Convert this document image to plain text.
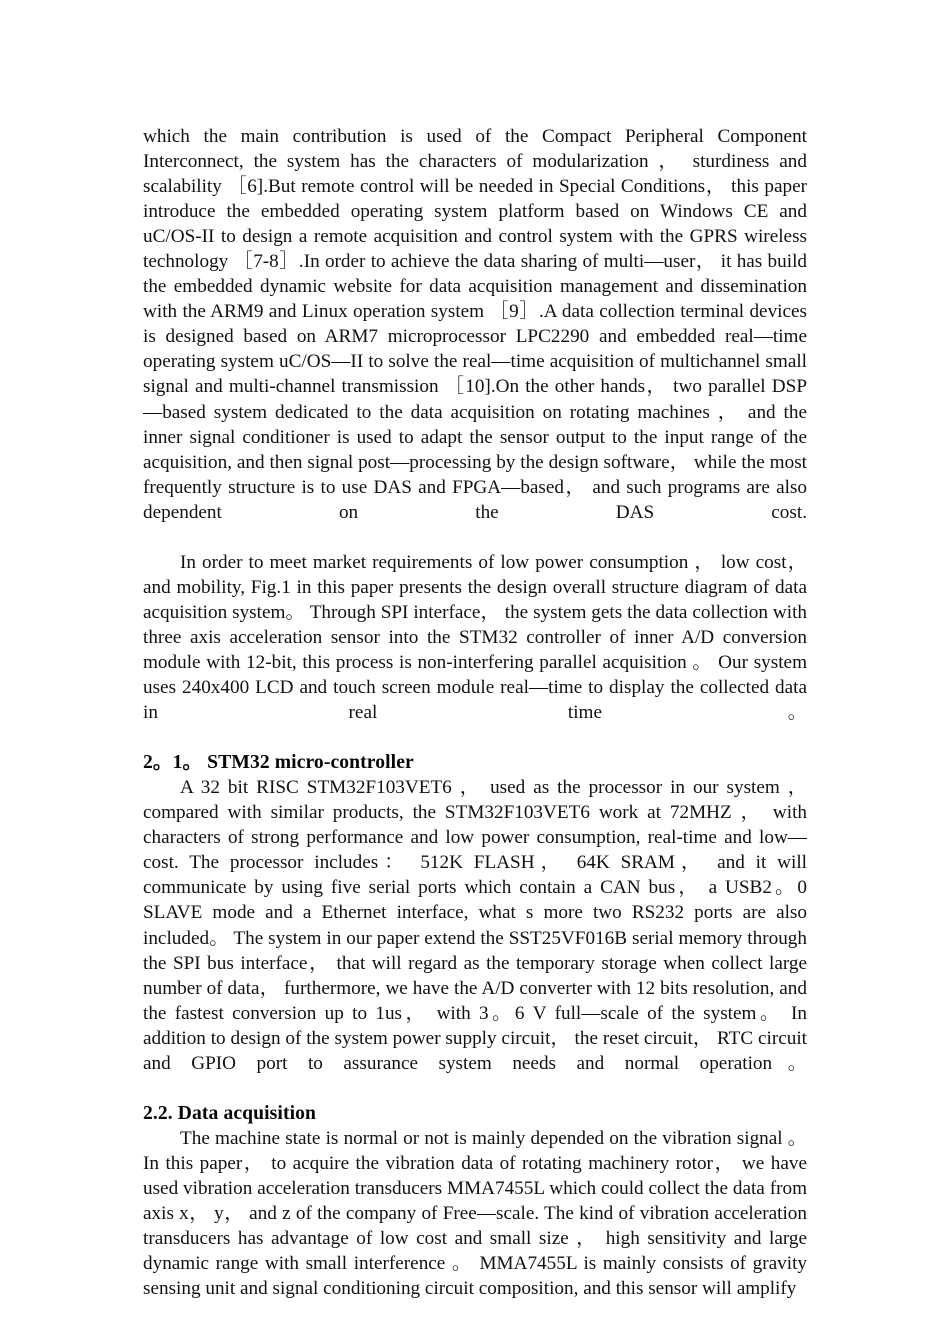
which the main contribution is used of the Compact Peripheral Component Interconnect, the system has the characters of modularization ， sturdiness and scalability ［6].But remote control will be needed in Special Conditions， this paper introduce the embedded operating system platform based on Windows CE and uC/OS-II to design a remote acquisition and control system with the GPRS wireless technology ［7-8］.In order to achieve the data sharing of multi—user， it has build the embedded dynamic website for data acquisition management and dissemination with the ARM9 and Linux operation system ［9］.A data collection terminal devices is designed based on ARM7 microprocessor LPC2290 and embedded real—time operating system uC/OS—II to solve the real—time acquisition of multichannel small signal and multi-channel transmission ［10].On the other hands， two parallel DSP—based system dedicated to the data acquisition on rotating machines ， and the inner signal conditioner is used to adapt the sensor output to the input range of the acquisition, and then signal post—processing by the design software， while the most frequently structure is to use DAS and FPGA—based， and such programs are also dependent on the DAS cost.

In order to meet market requirements of low power consumption ， low cost，and mobility, Fig.1 in this paper presents the design overall structure diagram of data acquisition system。 Through SPI interface， the system gets the data collection with three axis acceleration sensor into the STM32 controller of inner A/D conversion module with 12-bit, this process is non-interfering parallel acquisition 。 Our system uses 240x400 LCD and touch screen module real—time to display the collected data in real time。

2。1。 STM32 micro-controller

A 32 bit RISC STM32F103VET6 ， used as the processor in our system ，compared with similar products, the STM32F103VET6 work at 72MHZ ， with characters of strong performance and low power consumption, real-time and low—cost. The processor includes： 512K FLASH， 64K SRAM， and it will communicate by using five serial ports which contain a CAN bus， a USB2。0 SLAVE mode and a Ethernet interface, what s more two RS232 ports are also included。 The system in our paper extend the SST25VF016B serial memory through the SPI bus interface， that will regard as the temporary storage when collect large number of data， furthermore, we have the A/D converter with 12 bits resolution, and the fastest conversion up to 1us， with 3。6 V full—scale of the system。 In addition to design of the system power supply circuit， the reset circuit， RTC circuit and GPIO port to assurance system needs and normal operation。

2.2. Data acquisition

The machine state is normal or not is mainly depended on the vibration signal 。In this paper， to acquire the vibration data of rotating machinery rotor， we have used vibration acceleration transducers MMA7455L which could collect the data from axis x， y， and z of the company of Free—scale. The kind of vibration acceleration transducers has advantage of low cost and small size ， high sensitivity and large dynamic range with small interference 。 MMA7455L is mainly consists of gravity sensing unit and signal conditioning circuit composition, and this sensor will amplify
